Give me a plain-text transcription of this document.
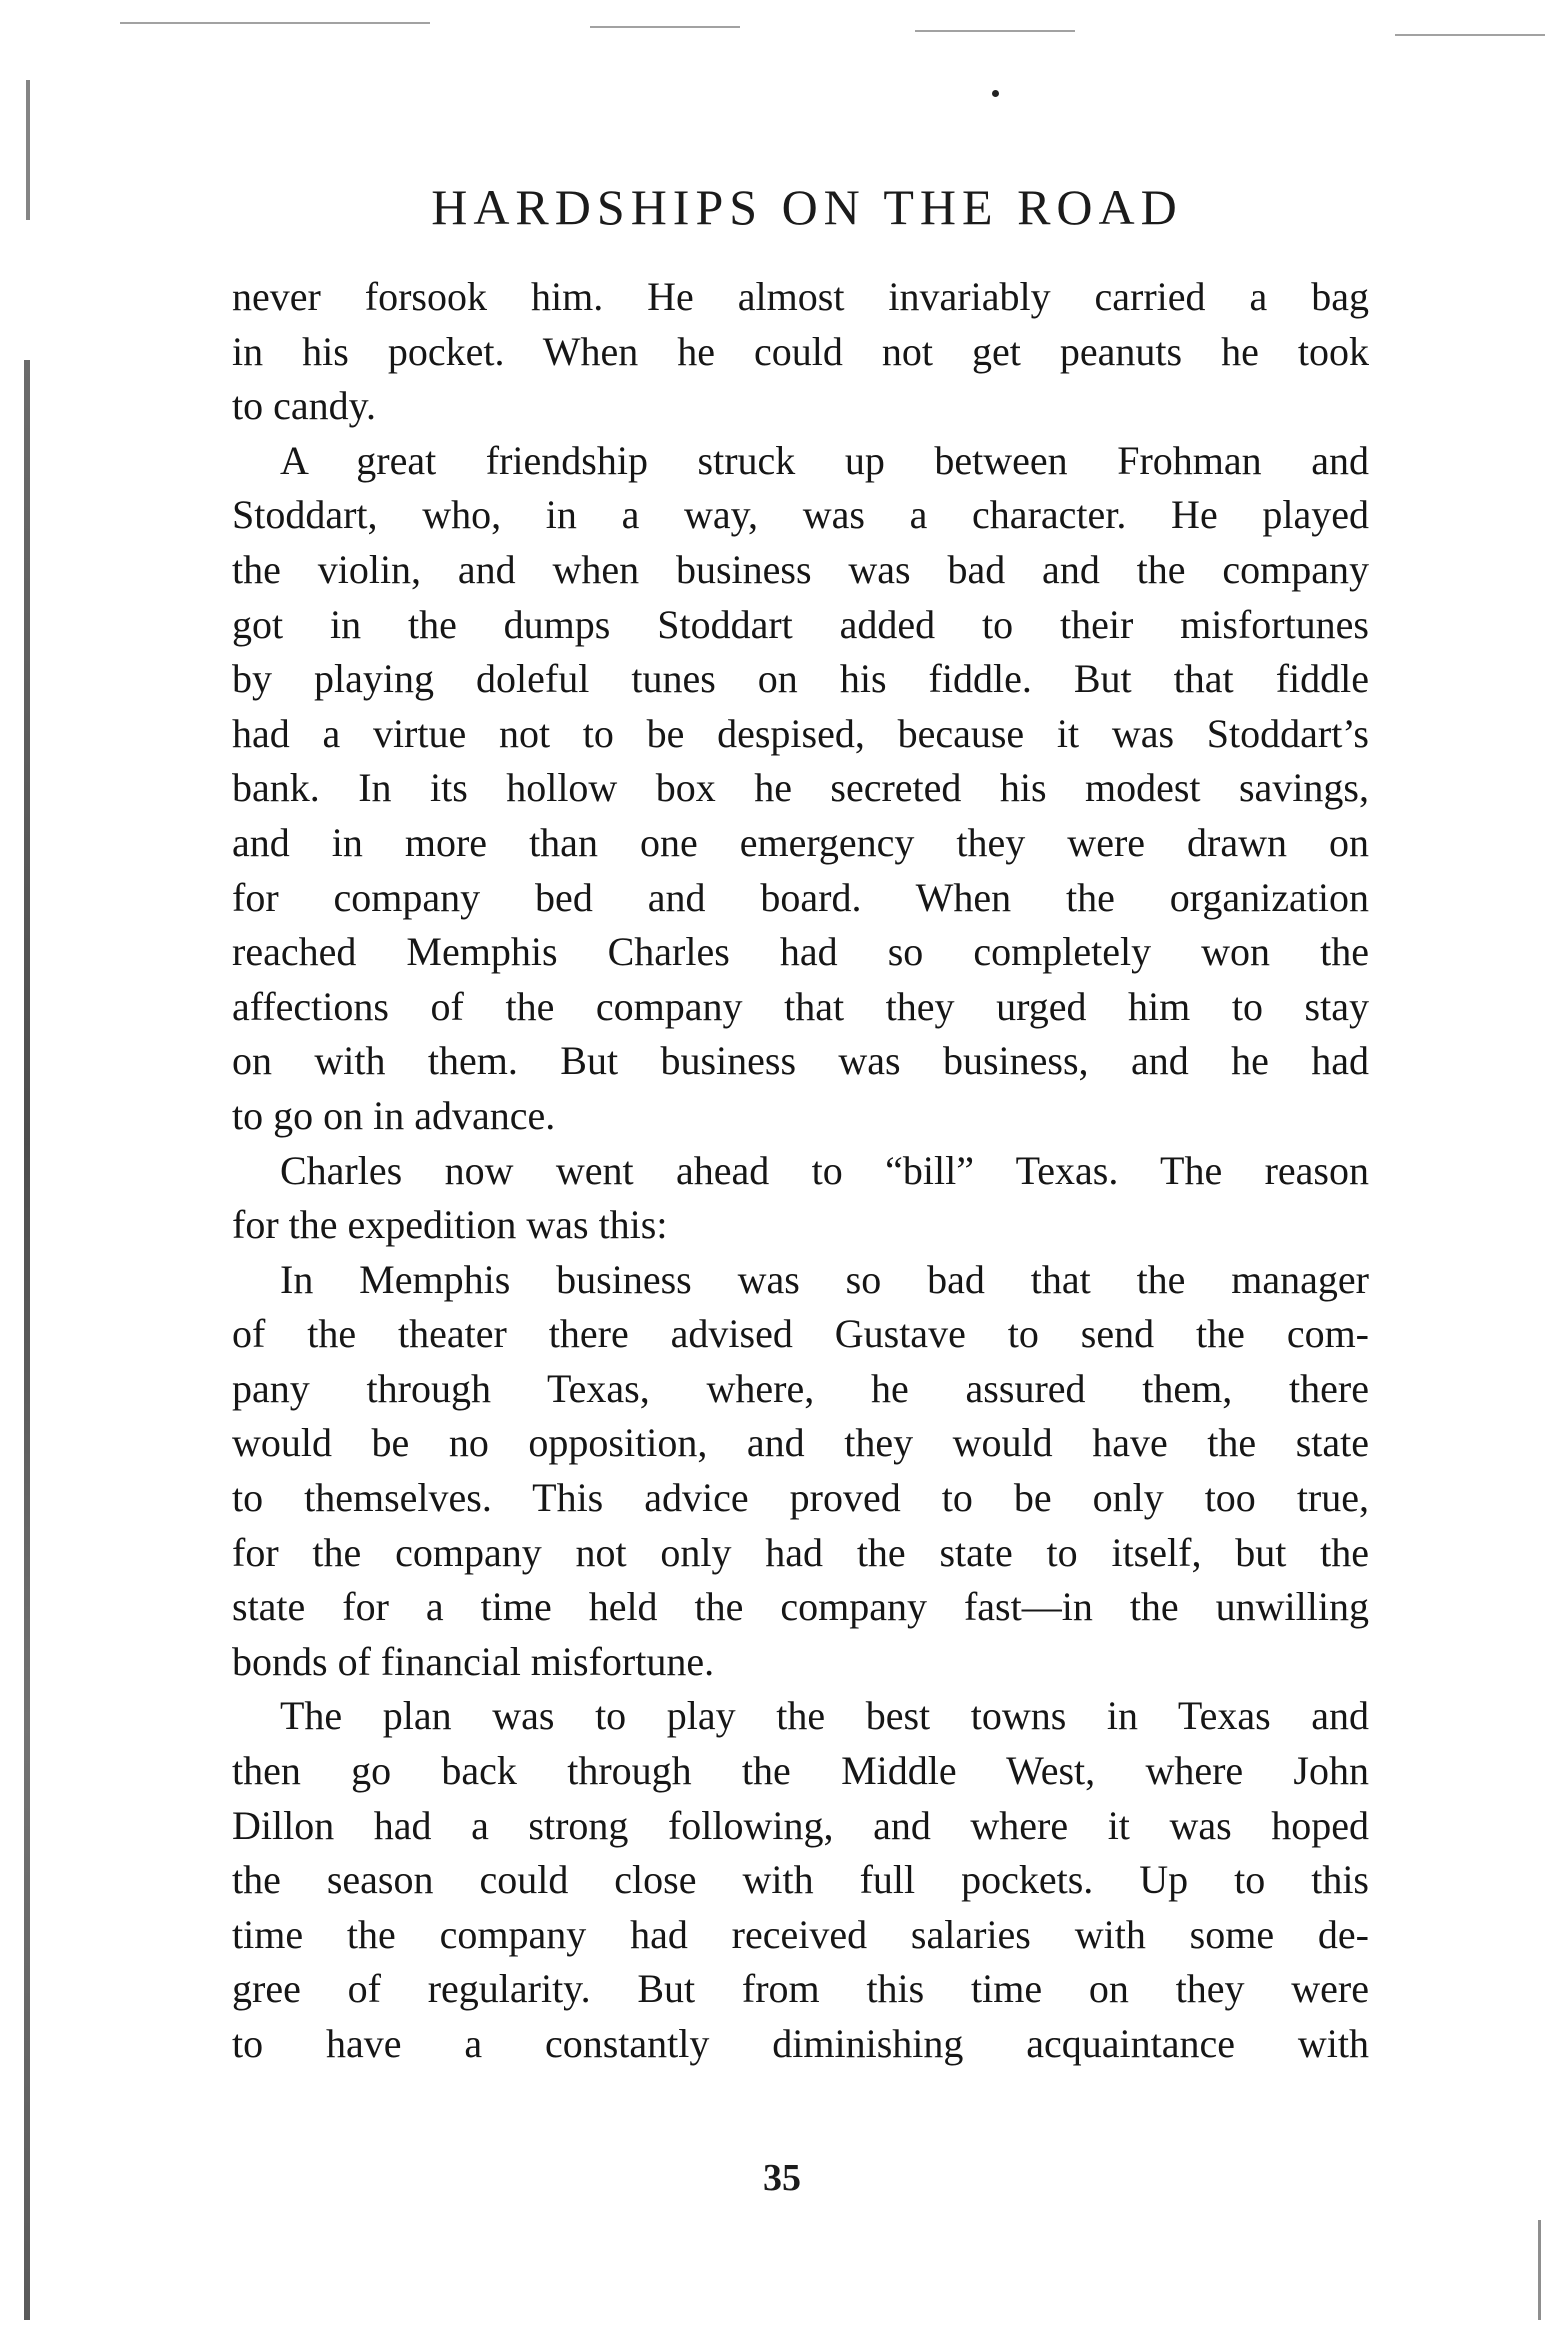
HARDSHIPS ON THE ROAD
never forsook him. He almost invariably carried a bag
in his pocket. When he could not get peanuts he took
to candy.
A great friendship struck up between Frohman and
Stoddart, who, in a way, was a character. He played
the violin, and when business was bad and the company
got in the dumps Stoddart added to their misfortunes
by playing doleful tunes on his fiddle. But that fiddle
had a virtue not to be despised, because it was Stoddart’s
bank. In its hollow box he secreted his modest savings,
and in more than one emergency they were drawn on
for company bed and board. When the organization
reached Memphis Charles had so completely won the
affections of the company that they urged him to stay
on with them. But business was business, and he had
to go on in advance.
Charles now went ahead to “bill” Texas. The reason
for the expedition was this:
In Memphis business was so bad that the manager
of the theater there advised Gustave to send the com-
pany through Texas, where, he assured them, there
would be no opposition, and they would have the state
to themselves. This advice proved to be only too true,
for the company not only had the state to itself, but the
state for a time held the company fast—in the unwilling
bonds of financial misfortune.
The plan was to play the best towns in Texas and
then go back through the Middle West, where John
Dillon had a strong following, and where it was hoped
the season could close with full pockets. Up to this
time the company had received salaries with some de-
gree of regularity. But from this time on they were
to have a constantly diminishing acquaintance with
35
